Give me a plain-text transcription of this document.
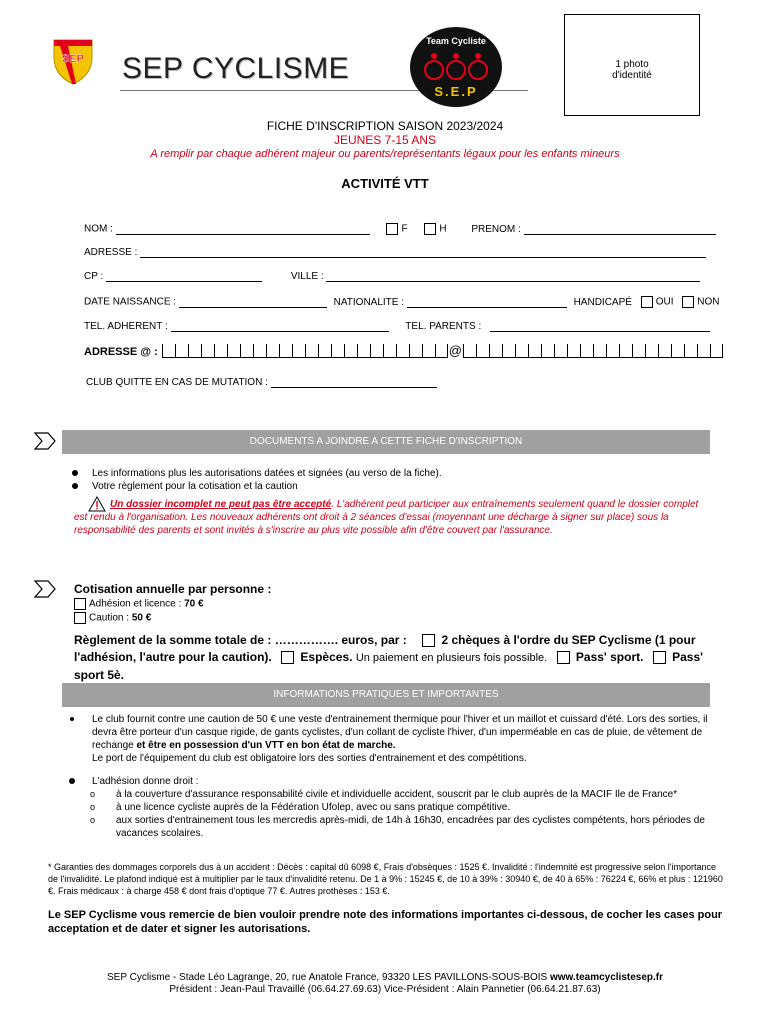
SEP SEP CYCLISME
Team Cycliste
S.E.P
1 photo
d'identité
FICHE D'INSCRIPTION SAISON 2023/2024
JEUNES 7-15 ANS
A remplir par chaque adhérent majeur ou parents/représentants légaux pour les enfants mineurs
ACTIVITÉ VTT
NOM :	F	H PRENOM :
ADRESSE :
CP :	VILLE :
DATE NAISSANCE :	NATIONALITE :	HANDICAPÉ OUI NON
TEL. ADHERENT :	TEL. PARENTS :
ADRESSE @ :	@
CLUB QUITTE EN CAS DE MUTATION :
DOCUMENTS A JOINDRE A CETTE FICHE D'INSCRIPTION
Les informations plus les autorisations datées et signées (au verso de la fiche).
Votre règlement pour la cotisation et la caution
Un dossier incomplet ne peut pas être accepté. L'adhérent peut participer aux entraînements seulement quand le dossier complet est rendu à l'organisation. Les nouveaux adhérents ont droit à 2 séances d'essai (moyennant une décharge à signer sur place) sous la responsabilité des parents et sont invités à s'inscrire au plus vite possible afin d'être couvert par l'assurance.
Cotisation annuelle par personne :
Adhésion et licence : 70 €
Caution : 50 €
Règlement de la somme totale de : ……………. euros, par :	2 chèques à l'ordre du SEP Cyclisme (1 pour l'adhésion, l'autre pour la caution). Espèces. Un paiement en plusieurs fois possible. Pass' sport. Pass' sport 5è.
INFORMATIONS PRATIQUES ET IMPORTANTES
Le club fournit contre une caution de 50 € une veste d'entrainement thermique pour l'hiver et un maillot et cuissard d'été. Lors des sorties, il devra être porteur d'un casque rigide, de gants cyclistes, d'un collant de cycliste l'hiver, d'un imperméable en cas de pluie, de vêtement de rechange et être en possession d'un VTT en bon état de marche.
Le port de l'équipement du club est obligatoire lors des sorties d'entrainement et des compétitions.
L'adhésion donne droit :
o à la couverture d'assurance responsabilité civile et individuelle accident, souscrit par le club auprès de la MACIF Ile de France*
o à une licence cycliste auprès de la Fédération Ufolep, avec ou sans pratique compétitive.
o aux sorties d'entrainement tous les mercredis après-midi, de 14h à 16h30, encadrées par des cyclistes compétents, hors périodes de vacances scolaires.
* Garanties des dommages corporels dus à un accident : Décès : capital dû 6098 €, Frais d'obsèques : 1525 €. Invalidité : l'indemnité est progressive selon l'importance de l'invalidité. Le plafond indiqué est à multiplier par le taux d'invalidité retenu. De 1 à 9% : 15245 €, de 10 à 39% : 30940 €, de 40 à 65% : 76224 €, 66% et plus : 121960 €. Frais médicaux : à charge 458 € dont frais d'optique 77 €. Autres prothèses : 153 €.
Le SEP Cyclisme vous remercie de bien vouloir prendre note des informations importantes ci-dessous, de cocher les cases pour acceptation et de dater et signer les autorisations.
SEP Cyclisme - Stade Léo Lagrange, 20, rue Anatole France, 93320 LES PAVILLONS-SOUS-BOIS www.teamcyclistesep.fr
Président : Jean-Paul Travaillé (06.64.27.69.63) Vice-Président : Alain Pannetier (06.64.21.87.63)
